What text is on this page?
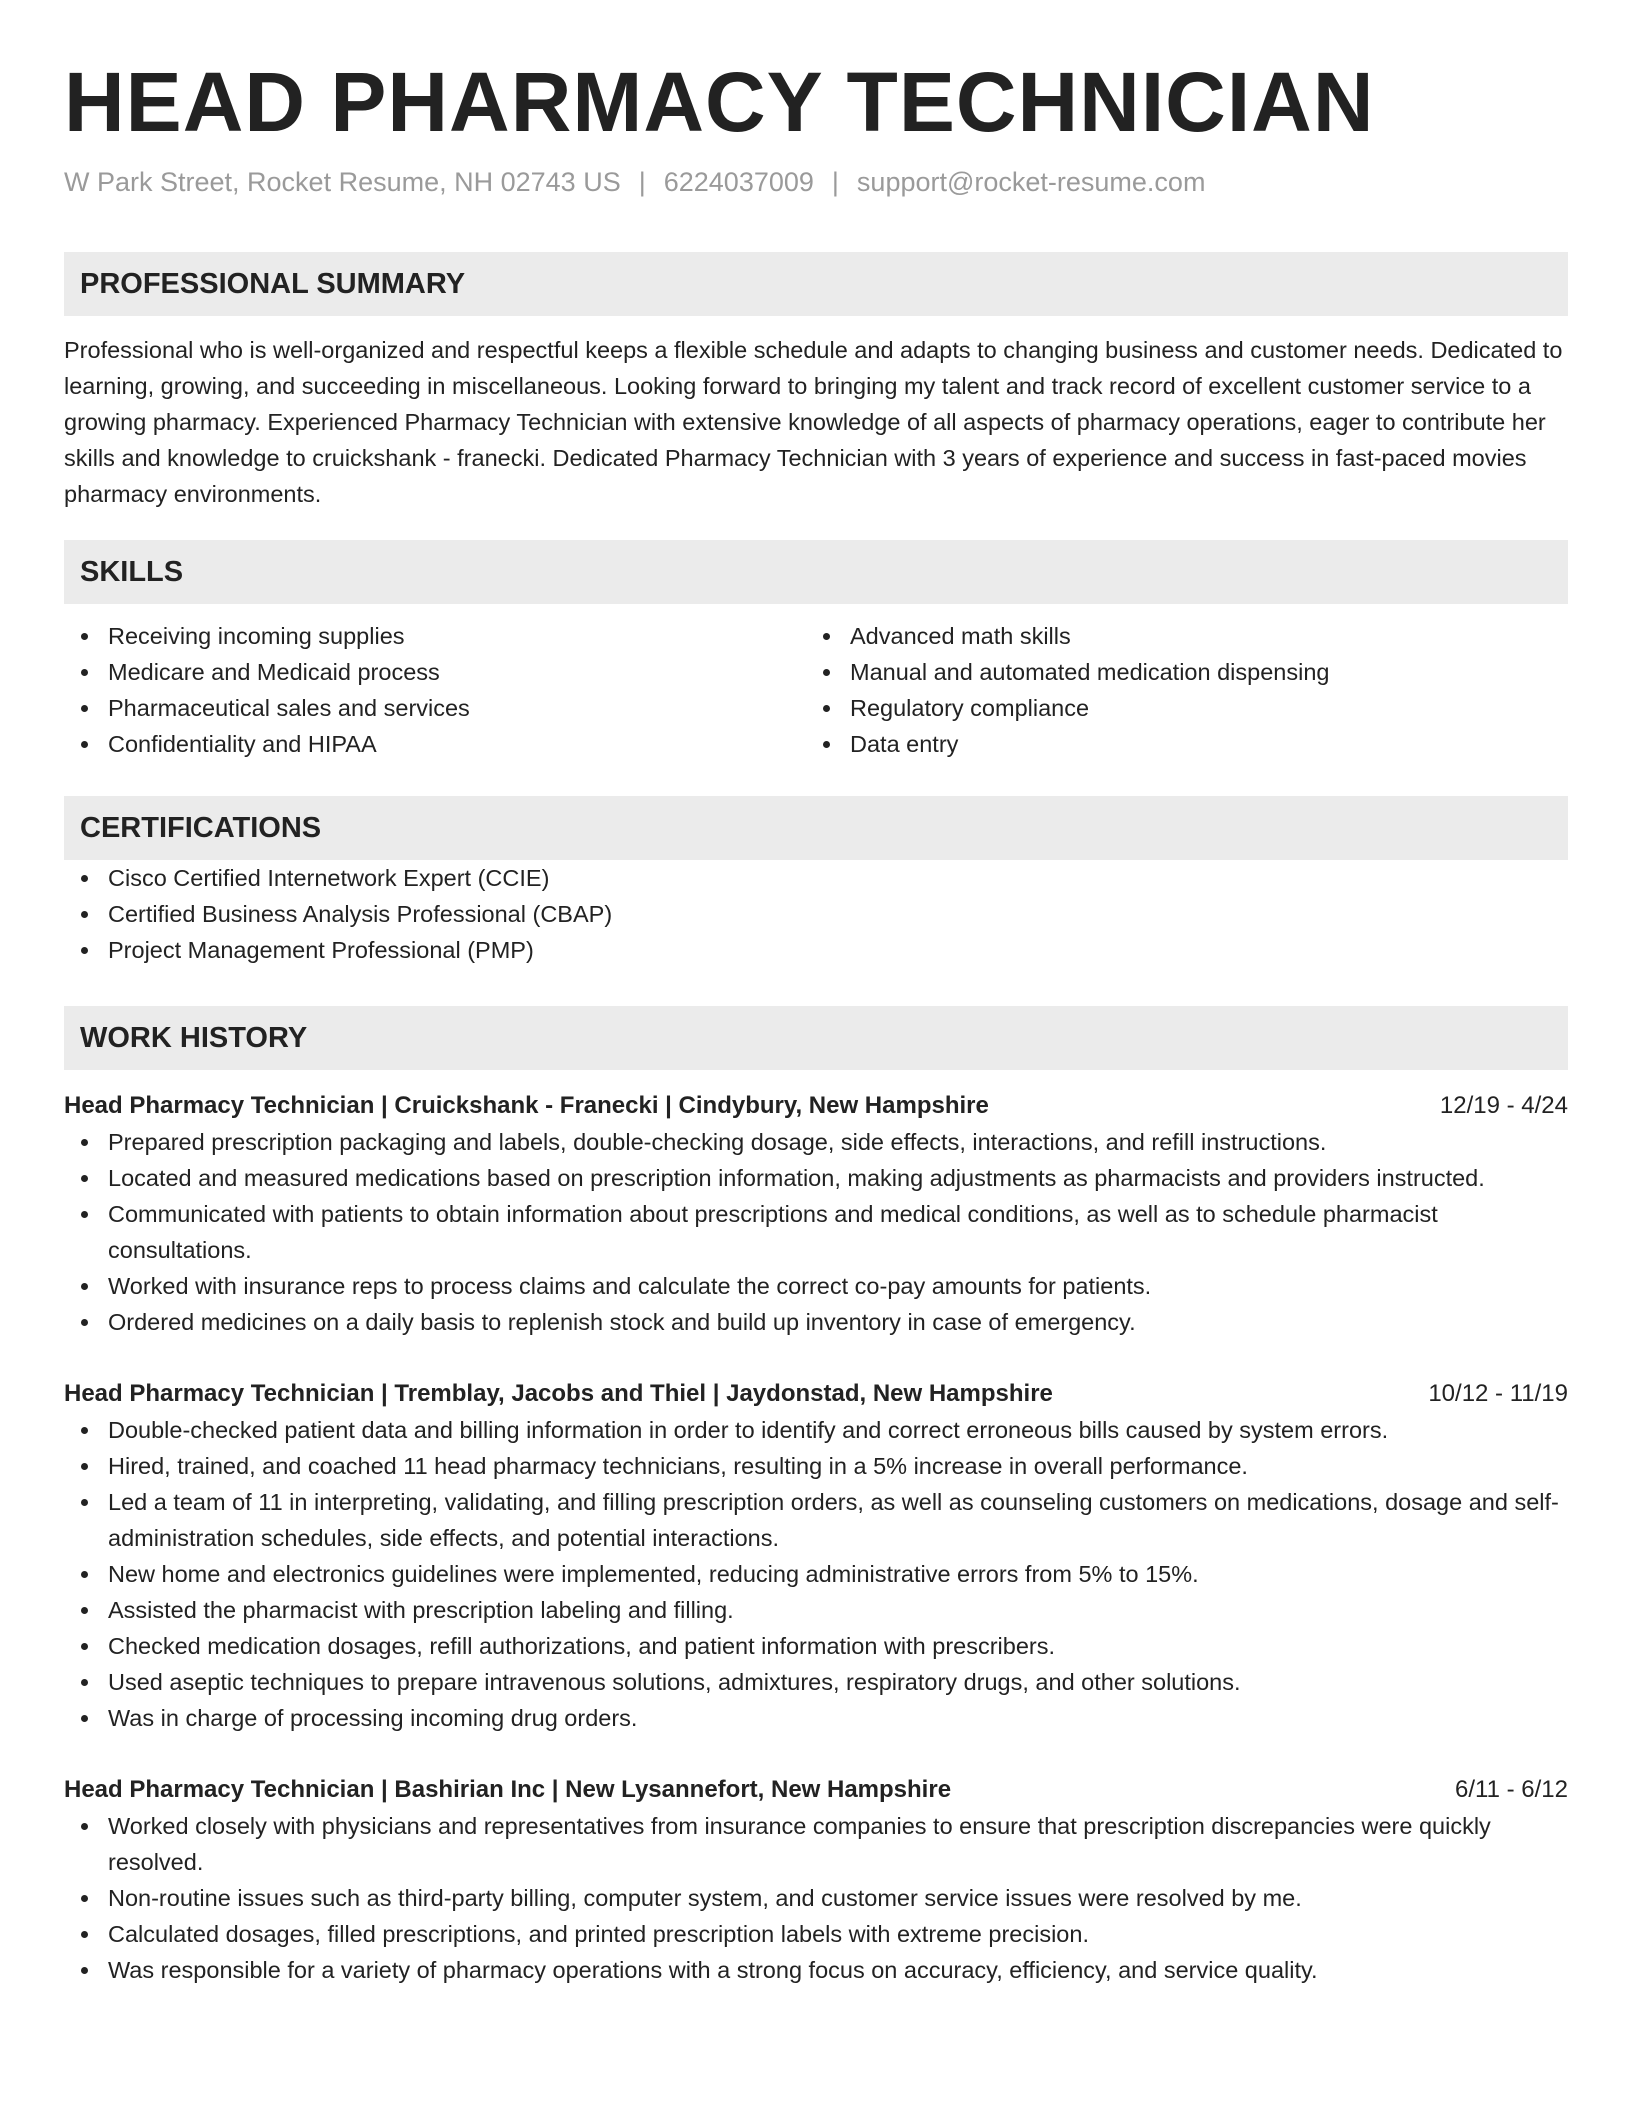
HEAD PHARMACY TECHNICIAN
W Park Street, Rocket Resume, NH 02743 US | 6224037009 | support@rocket-resume.com
PROFESSIONAL SUMMARY
Professional who is well-organized and respectful keeps a flexible schedule and adapts to changing business and customer needs. Dedicated to learning, growing, and succeeding in miscellaneous. Looking forward to bringing my talent and track record of excellent customer service to a growing pharmacy. Experienced Pharmacy Technician with extensive knowledge of all aspects of pharmacy operations, eager to contribute her skills and knowledge to cruickshank - franecki. Dedicated Pharmacy Technician with 3 years of experience and success in fast-paced movies pharmacy environments.
SKILLS
Receiving incoming supplies
Medicare and Medicaid process
Pharmaceutical sales and services
Confidentiality and HIPAA
Advanced math skills
Manual and automated medication dispensing
Regulatory compliance
Data entry
CERTIFICATIONS
Cisco Certified Internetwork Expert (CCIE)
Certified Business Analysis Professional (CBAP)
Project Management Professional (PMP)
WORK HISTORY
Head Pharmacy Technician | Cruickshank - Franecki | Cindybury, New Hampshire	12/19 - 4/24
Prepared prescription packaging and labels, double-checking dosage, side effects, interactions, and refill instructions.
Located and measured medications based on prescription information, making adjustments as pharmacists and providers instructed.
Communicated with patients to obtain information about prescriptions and medical conditions, as well as to schedule pharmacist consultations.
Worked with insurance reps to process claims and calculate the correct co-pay amounts for patients.
Ordered medicines on a daily basis to replenish stock and build up inventory in case of emergency.
Head Pharmacy Technician | Tremblay, Jacobs and Thiel | Jaydonstad, New Hampshire	10/12 - 11/19
Double-checked patient data and billing information in order to identify and correct erroneous bills caused by system errors.
Hired, trained, and coached 11 head pharmacy technicians, resulting in a 5% increase in overall performance.
Led a team of 11 in interpreting, validating, and filling prescription orders, as well as counseling customers on medications, dosage and self-administration schedules, side effects, and potential interactions.
New home and electronics guidelines were implemented, reducing administrative errors from 5% to 15%.
Assisted the pharmacist with prescription labeling and filling.
Checked medication dosages, refill authorizations, and patient information with prescribers.
Used aseptic techniques to prepare intravenous solutions, admixtures, respiratory drugs, and other solutions.
Was in charge of processing incoming drug orders.
Head Pharmacy Technician | Bashirian Inc | New Lysannefort, New Hampshire	6/11 - 6/12
Worked closely with physicians and representatives from insurance companies to ensure that prescription discrepancies were quickly resolved.
Non-routine issues such as third-party billing, computer system, and customer service issues were resolved by me.
Calculated dosages, filled prescriptions, and printed prescription labels with extreme precision.
Was responsible for a variety of pharmacy operations with a strong focus on accuracy, efficiency, and service quality.
